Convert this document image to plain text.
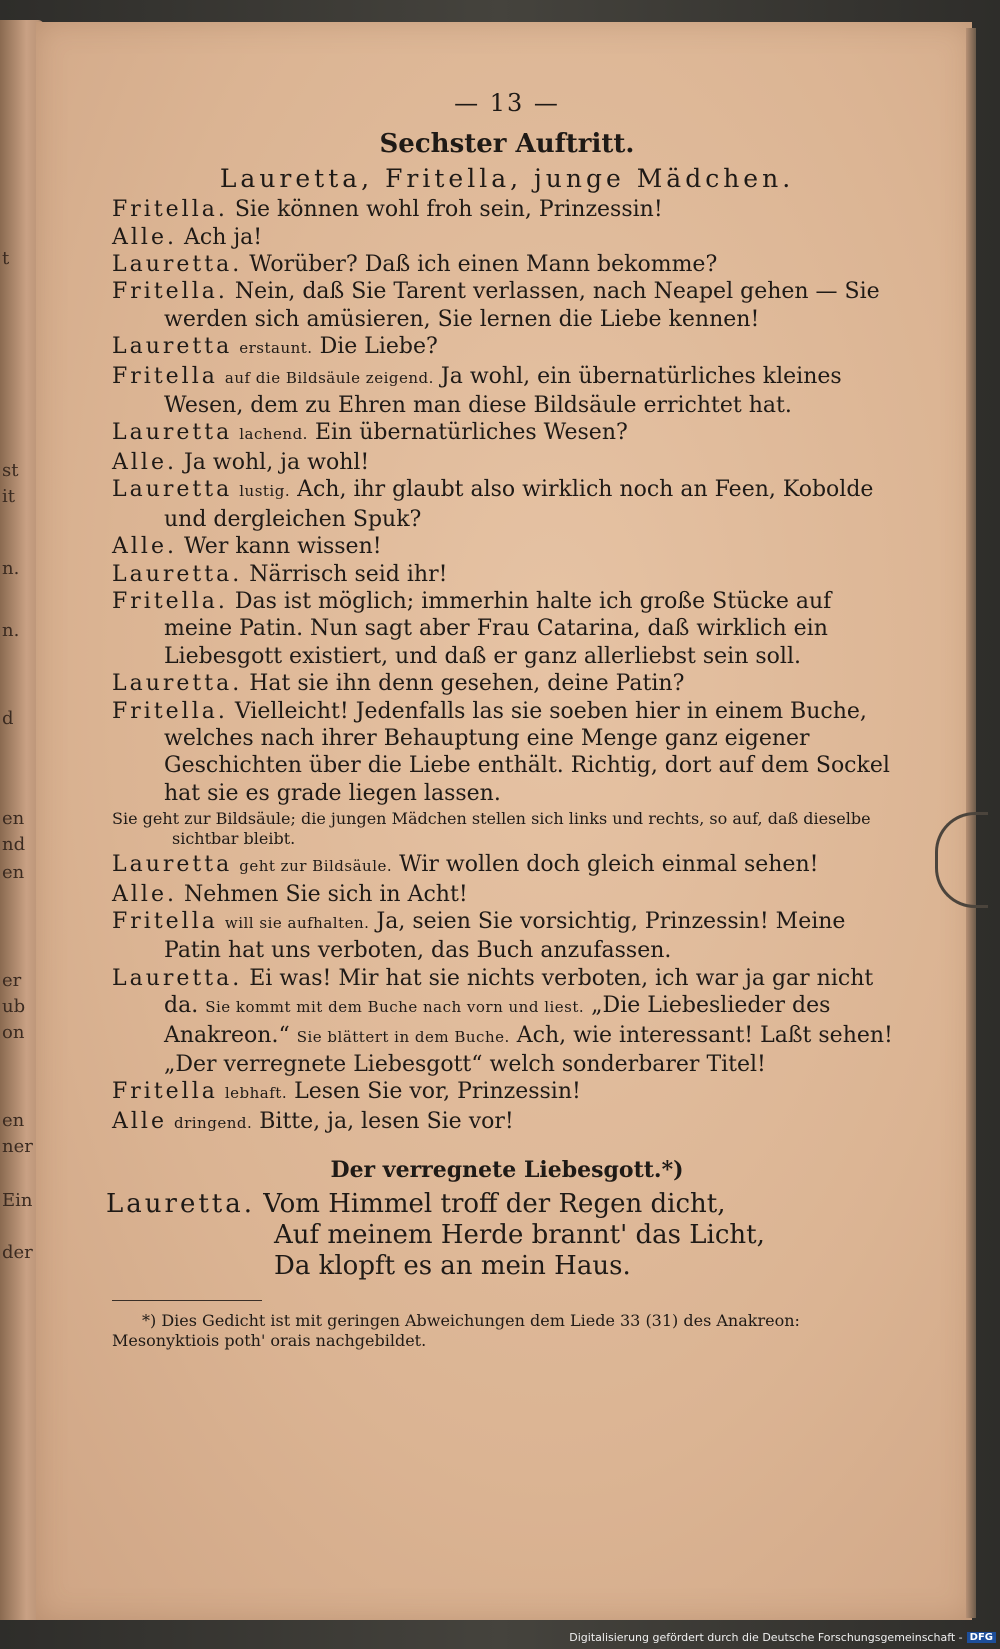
t
st
it
n.
n.
d
en
nd
en
er
ub
on
en
ner
Ein
der
— 13 —
Sechster Auftritt.
Lauretta, Fritella, junge Mädchen.

Fritella. Sie können wohl froh sein, Prinzessin!

Alle. Ach ja!

Lauretta. Worüber? Daß ich einen Mann bekomme?

Fritella. Nein, daß Sie Tarent verlassen, nach Neapel gehen — Sie werden sich amüsieren, Sie lernen die Liebe kennen!

Lauretta erstaunt. Die Liebe?

Fritella auf die Bildsäule zeigend. Ja wohl, ein übernatürliches kleines Wesen, dem zu Ehren man diese Bildsäule errichtet hat.

Lauretta lachend. Ein übernatürliches Wesen?

Alle. Ja wohl, ja wohl!

Lauretta lustig. Ach, ihr glaubt also wirklich noch an Feen, Kobolde und dergleichen Spuk?

Alle. Wer kann wissen!

Lauretta. Närrisch seid ihr!

Fritella. Das ist möglich; immerhin halte ich große Stücke auf meine Patin. Nun sagt aber Frau Catarina, daß wirklich ein Liebesgott existiert, und daß er ganz allerliebst sein soll.

Lauretta. Hat sie ihn denn gesehen, deine Patin?

Fritella. Vielleicht! Jedenfalls las sie soeben hier in einem Buche, welches nach ihrer Behauptung eine Menge ganz eigener Geschichten über die Liebe enthält. Richtig, dort auf dem Sockel hat sie es grade liegen lassen.

Sie geht zur Bildsäule; die jungen Mädchen stellen sich links und rechts, so auf, daß dieselbe sichtbar bleibt.

Lauretta geht zur Bildsäule. Wir wollen doch gleich einmal sehen!

Alle. Nehmen Sie sich in Acht!

Fritella will sie aufhalten. Ja, seien Sie vorsichtig, Prinzessin! Meine Patin hat uns verboten, das Buch anzufassen.

Lauretta. Ei was! Mir hat sie nichts verboten, ich war ja gar nicht da. Sie kommt mit dem Buche nach vorn und liest. „Die Liebeslieder des Anakreon.“ Sie blättert in dem Buche. Ach, wie interessant! Laßt sehen! „Der verregnete Liebesgott“ welch sonderbarer Titel!

Fritella lebhaft. Lesen Sie vor, Prinzessin!

Alle dringend. Bitte, ja, lesen Sie vor!

Der verregnete Liebesgott.*)
Lauretta. Vom Himmel troff der Regen dicht,
Auf meinem Herde brannt' das Licht,
Da klopft es an mein Haus.
*) Dies Gedicht ist mit geringen Abweichungen dem Liede 33 (31) des Anakreon: Mesonyktiois poth' orais nachgebildet.
Digitalisierung gefördert durch die Deutsche Forschungsgemeinschaft - DFG
